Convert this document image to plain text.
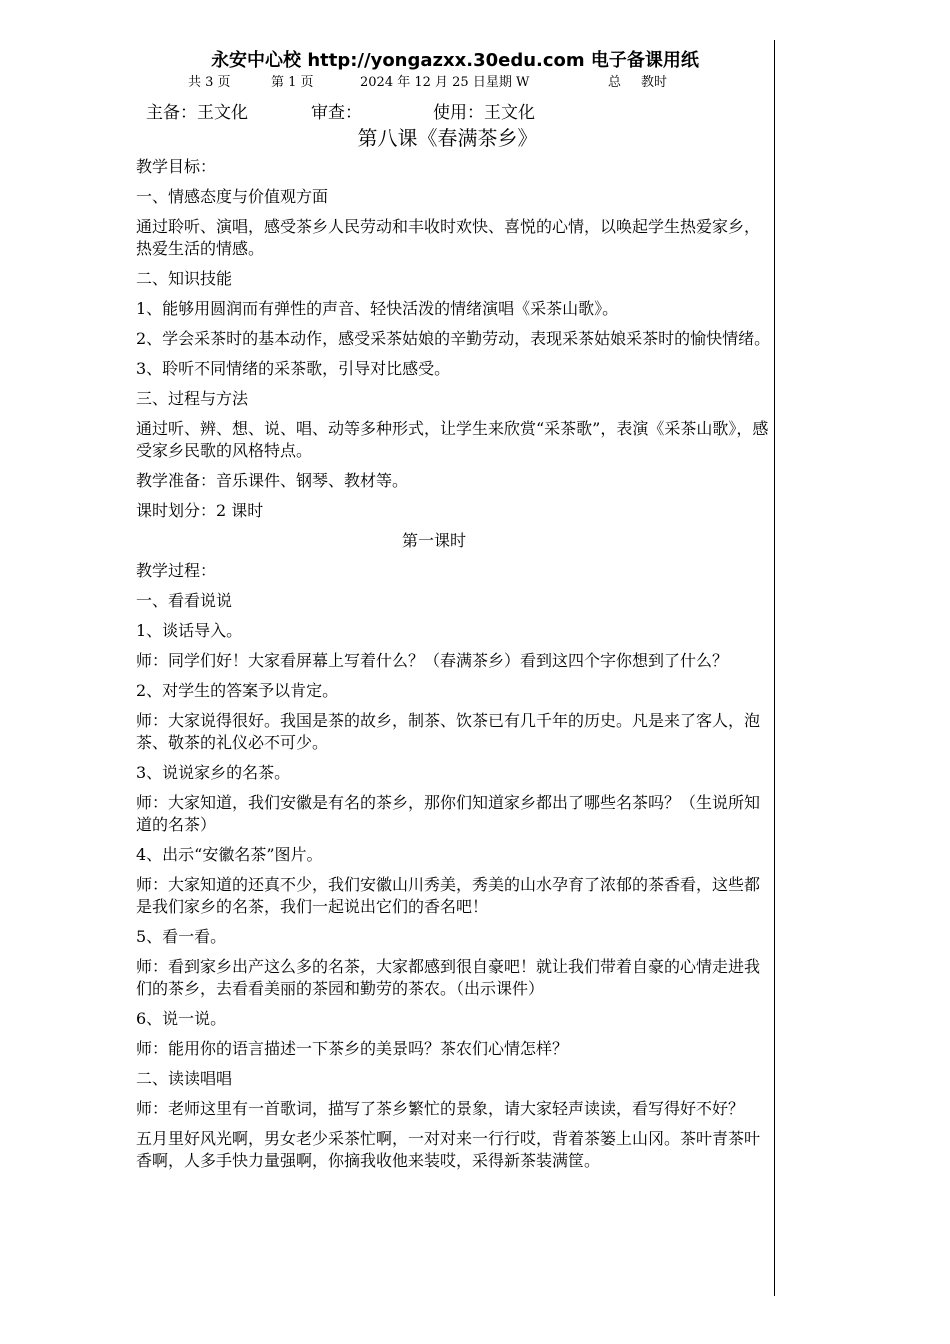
永安中心校 http://yongazxx.30edu.com 电子备课用纸
共 3 页	第 1 页	2024 年 12 月 25 日星期 W	总 教时
主备：王文化	审查：	使用：王文化
第八课《春满茶乡》

教学目标：

一、情感态度与价值观方面

通过聆听、演唱，感受茶乡人民劳动和丰收时欢快、喜悦的心情，以唤起学生热爱家乡，热爱生活的情感。

二、知识技能

1、能够用圆润而有弹性的声音、轻快活泼的情绪演唱《采茶山歌》。

2、学会采茶时的基本动作，感受采茶姑娘的辛勤劳动，表现采茶姑娘采茶时的愉快情绪。

3、聆听不同情绪的采茶歌，引导对比感受。

三、过程与方法

通过听、辨、想、说、唱、动等多种形式，让学生来欣赏“采茶歌”，表演《采茶山歌》，感受家乡民歌的风格特点。

教学准备：音乐课件、钢琴、教材等。

课时划分：2 课时

第一课时

教学过程：

一、看看说说

1、谈话导入。

师：同学们好！大家看屏幕上写着什么？（春满茶乡）看到这四个字你想到了什么？

2、对学生的答案予以肯定。

师：大家说得很好。我国是茶的故乡，制茶、饮茶已有几千年的历史。凡是来了客人，泡茶、敬茶的礼仪必不可少。

3、说说家乡的名茶。

师：大家知道，我们安徽是有名的茶乡，那你们知道家乡都出了哪些名茶吗？（生说所知道的名茶）

4、出示“安徽名茶”图片。

师：大家知道的还真不少，我们安徽山川秀美，秀美的山水孕育了浓郁的茶香看，这些都是我们家乡的名茶，我们一起说出它们的香名吧！

5、看一看。

师：看到家乡出产这么多的名茶，大家都感到很自豪吧！就让我们带着自豪的心情走进我们的茶乡，去看看美丽的茶园和勤劳的茶农。（出示课件）

6、说一说。

师：能用你的语言描述一下茶乡的美景吗？茶农们心情怎样？

二、读读唱唱

师：老师这里有一首歌词，描写了茶乡繁忙的景象，请大家轻声读读，看写得好不好？

五月里好风光啊，男女老少采茶忙啊，一对对来一行行哎，背着茶篓上山冈。茶叶青茶叶香啊，人多手快力量强啊，你摘我收他来装哎，采得新茶装满筐。
